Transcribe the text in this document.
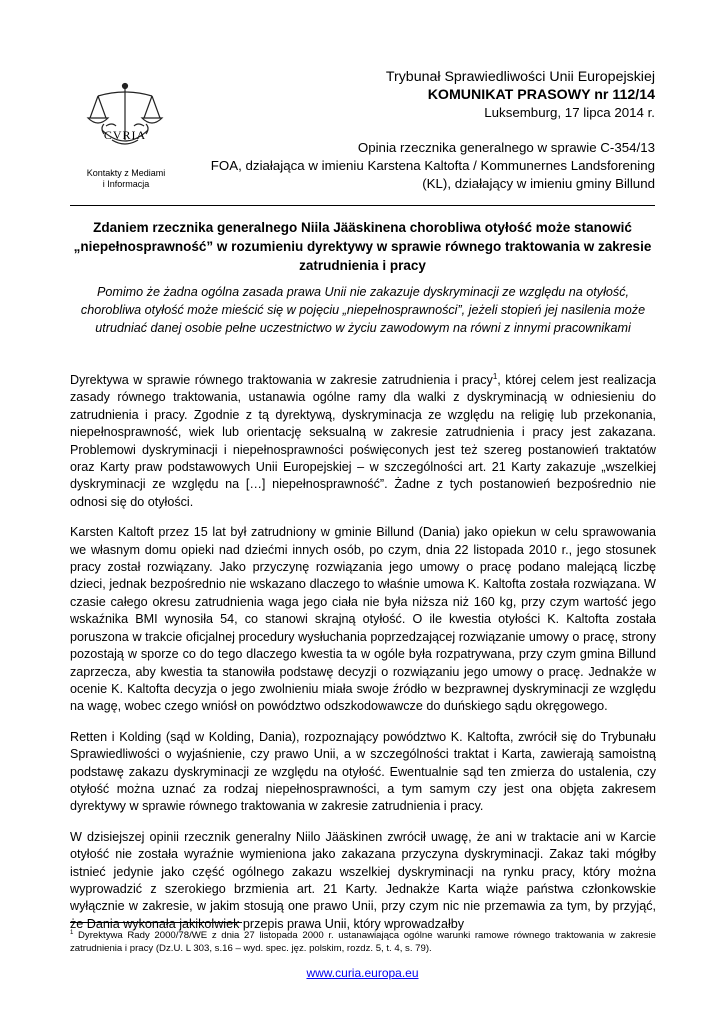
CVRIA
Kontakty z Mediami
i Informacja
Trybunał Sprawiedliwości Unii Europejskiej
KOMUNIKAT PRASOWY nr 112/14
Luksemburg, 17 lipca 2014 r.
Opinia rzecznika generalnego w sprawie C-354/13
FOA, działająca w imieniu Karstena Kaltofta / Kommunernes Landsforening
(KL), działający w imieniu gminy Billund
Zdaniem rzecznika generalnego Niila Jääskinena chorobliwa otyłość może stanowić „niepełnosprawność” w rozumieniu dyrektywy w sprawie równego traktowania w zakresie zatrudnienia i pracy
Pomimo że żadna ogólna zasada prawa Unii nie zakazuje dyskryminacji ze względu na otyłość, chorobliwa otyłość może mieścić się w pojęciu „niepełnosprawności”, jeżeli stopień jej nasilenia może utrudniać danej osobie pełne uczestnictwo w życiu zawodowym na równi z innymi pracownikami

Dyrektywa w sprawie równego traktowania w zakresie zatrudnienia i pracy$^1$, której celem jest realizacja zasady równego traktowania, ustanawia ogólne ramy dla walki z dyskryminacją w odniesieniu do zatrudnienia i pracy. Zgodnie z tą dyrektywą, dyskryminacja ze względu na religię lub przekonania, niepełnosprawność, wiek lub orientację seksualną w zakresie zatrudnienia i pracy jest zakazana. Problemowi dyskryminacji i niepełnosprawności poświęconych jest też szereg postanowień traktatów oraz Karty praw podstawowych Unii Europejskiej – w szczególności art. 21 Karty zakazuje „wszelkiej dyskryminacji ze względu na […] niepełnosprawność”. Żadne z tych postanowień bezpośrednio nie odnosi się do otyłości.

Karsten Kaltoft przez 15 lat był zatrudniony w gminie Billund (Dania) jako opiekun w celu sprawowania we własnym domu opieki nad dziećmi innych osób, po czym, dnia 22 listopada 2010 r., jego stosunek pracy został rozwiązany. Jako przyczynę rozwiązania jego umowy o pracę podano malejącą liczbę dzieci, jednak bezpośrednio nie wskazano dlaczego to właśnie umowa K. Kaltofta została rozwiązana. W czasie całego okresu zatrudnienia waga jego ciała nie była niższa niż 160 kg, przy czym wartość jego wskaźnika BMI wynosiła 54, co stanowi skrajną otyłość. O ile kwestia otyłości K. Kaltofta została poruszona w trakcie oficjalnej procedury wysłuchania poprzedzającej rozwiązanie umowy o pracę, strony pozostają w sporze co do tego dlaczego kwestia ta w ogóle była rozpatrywana, przy czym gmina Billund zaprzecza, aby kwestia ta stanowiła podstawę decyzji o rozwiązaniu jego umowy o pracę. Jednakże w ocenie K. Kaltofta decyzja o jego zwolnieniu miała swoje źródło w bezprawnej dyskryminacji ze względu na wagę, wobec czego wniósł on powództwo odszkodowawcze do duńskiego sądu okręgowego.

Retten i Kolding (sąd w Kolding, Dania), rozpoznający powództwo K. Kaltofta, zwrócił się do Trybunału Sprawiedliwości o wyjaśnienie, czy prawo Unii, a w szczególności traktat i Karta, zawierają samoistną podstawę zakazu dyskryminacji ze względu na otyłość. Ewentualnie sąd ten zmierza do ustalenia, czy otyłość można uznać za rodzaj niepełnosprawności, a tym samym czy jest ona objęta zakresem dyrektywy w sprawie równego traktowania w zakresie zatrudnienia i pracy.

W dzisiejszej opinii rzecznik generalny Niilo Jääskinen zwrócił uwagę, że ani w traktacie ani w Karcie otyłość nie została wyraźnie wymieniona jako zakazana przyczyna dyskryminacji. Zakaz taki mógłby istnieć jedynie jako część ogólnego zakazu wszelkiej dyskryminacji na rynku pracy, który można wyprowadzić z szerokiego brzmienia art. 21 Karty. Jednakże Karta wiąże państwa członkowskie wyłącznie w zakresie, w jakim stosują one prawo Unii, przy czym nic nie przemawia za tym, by przyjąć, że Dania wykonała jakikolwiek przepis prawa Unii, który wprowadzałby

$^1$ Dyrektywa Rady 2000/78/WE z dnia 27 listopada 2000 r. ustanawiająca ogólne warunki ramowe równego traktowania w zakresie zatrudnienia i pracy (Dz.U. L 303, s.16 – wyd. spec. jęz. polskim, rozdz. 5, t. 4, s. 79).
www.curia.europa.eu
